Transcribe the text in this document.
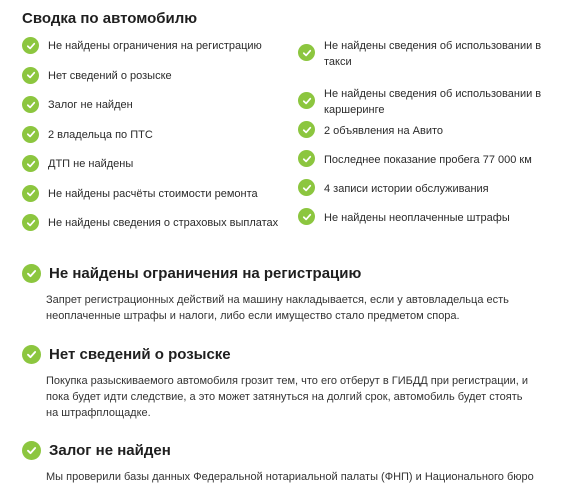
Сводка по автомобилю
Не найдены ограничения на регистрацию
Нет сведений о розыске
Залог не найден
2 владельца по ПТС
ДТП не найдены
Не найдены расчёты стоимости ремонта
Не найдены сведения о страховых выплатах
Не найдены сведения об использовании в такси
Не найдены сведения об использовании в каршеринге
2 объявления на Авито
Последнее показание пробега 77 000 км
4 записи истории обслуживания
Не найдены неоплаченные штрафы
Не найдены ограничения на регистрацию
Запрет регистрационных действий на машину накладывается, если у автовладельца есть неоплаченные штрафы и налоги, либо если имущество стало предметом спора.
Нет сведений о розыске
Покупка разыскиваемого автомобиля грозит тем, что его отберут в ГИБДД при регистрации, и пока будет идти следствие, а это может затянуться на долгий срок, автомобиль будет стоять на штрафплощадке.
Залог не найден
Мы проверили базы данных Федеральной нотариальной палаты (ФНП) и Национального бюро
